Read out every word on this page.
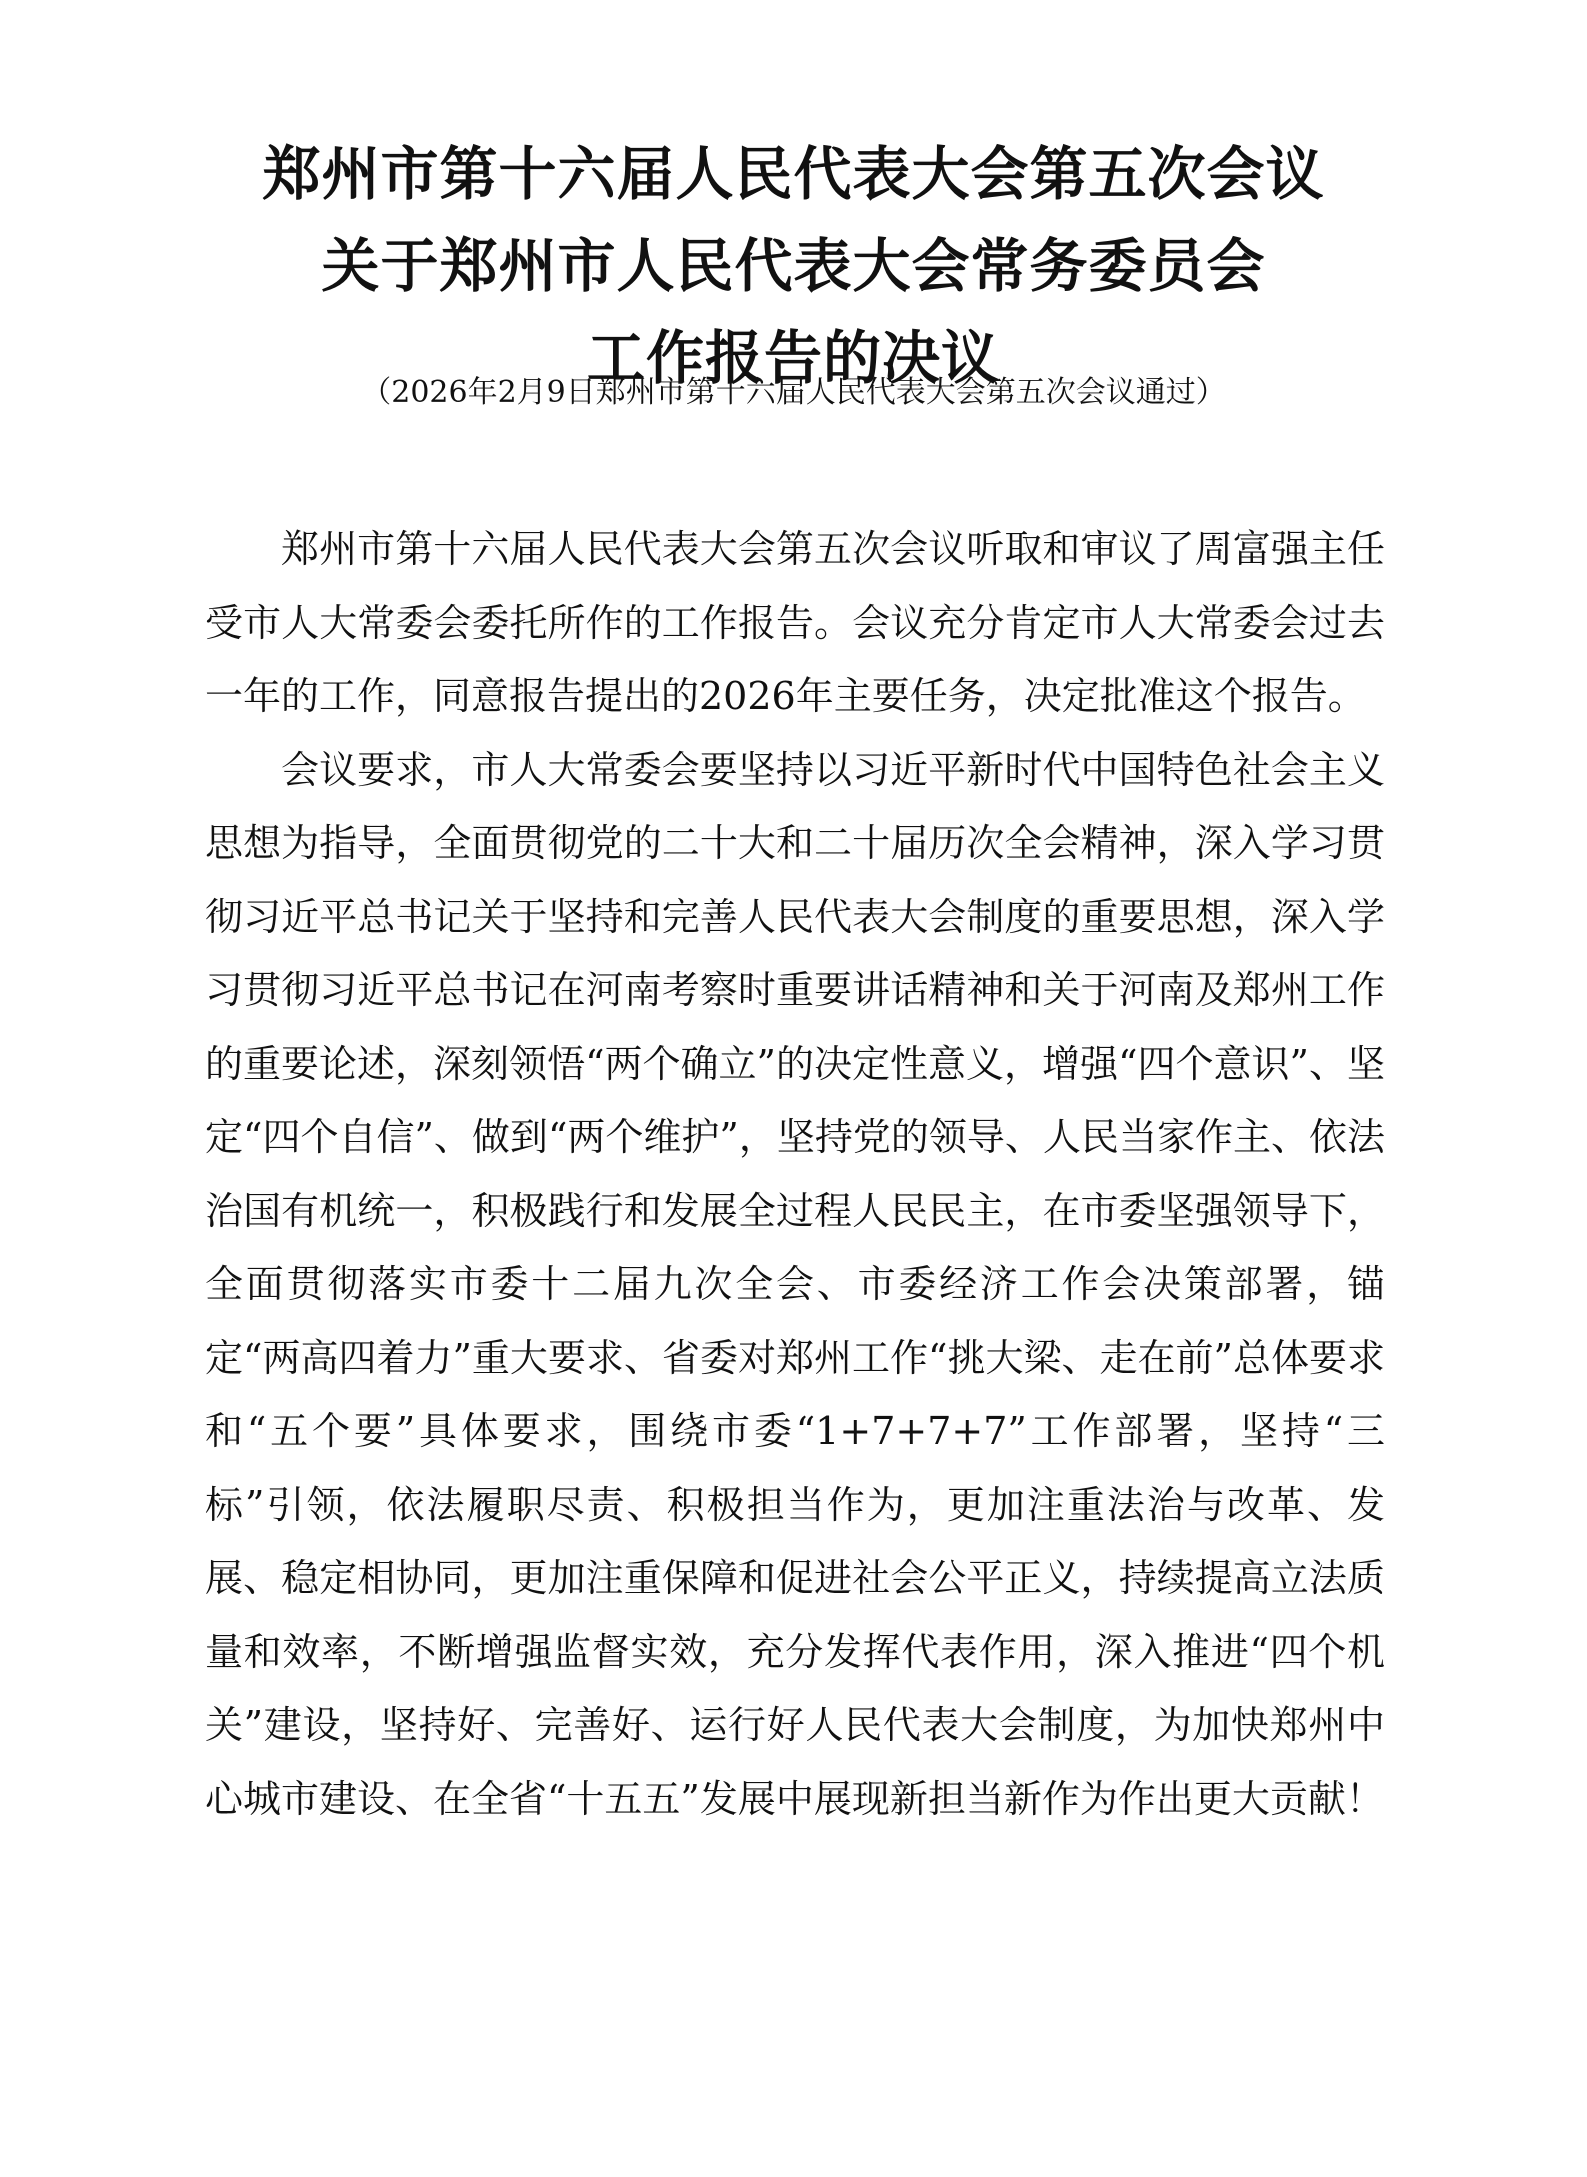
郑州市第十六届人民代表大会第五次会议
关于郑州市人民代表大会常务委员会
工作报告的决议
（2026年2月9日郑州市第十六届人民代表大会第五次会议通过）

郑州市第十六届人民代表大会第五次会议听取和审议了周富强主任受市人大常委会委托所作的工作报告。会议充分肯定市人大常委会过去一年的工作，同意报告提出的2026年主要任务，决定批准这个报告。

会议要求，市人大常委会要坚持以习近平新时代中国特色社会主义思想为指导，全面贯彻党的二十大和二十届历次全会精神，深入学习贯彻习近平总书记关于坚持和完善人民代表大会制度的重要思想，深入学习贯彻习近平总书记在河南考察时重要讲话精神和关于河南及郑州工作的重要论述，深刻领悟“两个确立”的决定性意义，增强“四个意识”、坚定“四个自信”、做到“两个维护”，坚持党的领导、人民当家作主、依法治国有机统一，积极践行和发展全过程人民民主，在市委坚强领导下，全面贯彻落实市委十二届九次全会、市委经济工作会决策部署，锚定“两高四着力”重大要求、省委对郑州工作“挑大梁、走在前”总体要求和“五个要”具体要求，围绕市委“1+7+7+7”工作部署，坚持“三标”引领，依法履职尽责、积极担当作为，更加注重法治与改革、发展、稳定相协同，更加注重保障和促进社会公平正义，持续提高立法质量和效率，不断增强监督实效，充分发挥代表作用，深入推进“四个机关”建设，坚持好、完善好、运行好人民代表大会制度，为加快郑州中心城市建设、在全省“十五五”发展中展现新担当新作为作出更大贡献！
